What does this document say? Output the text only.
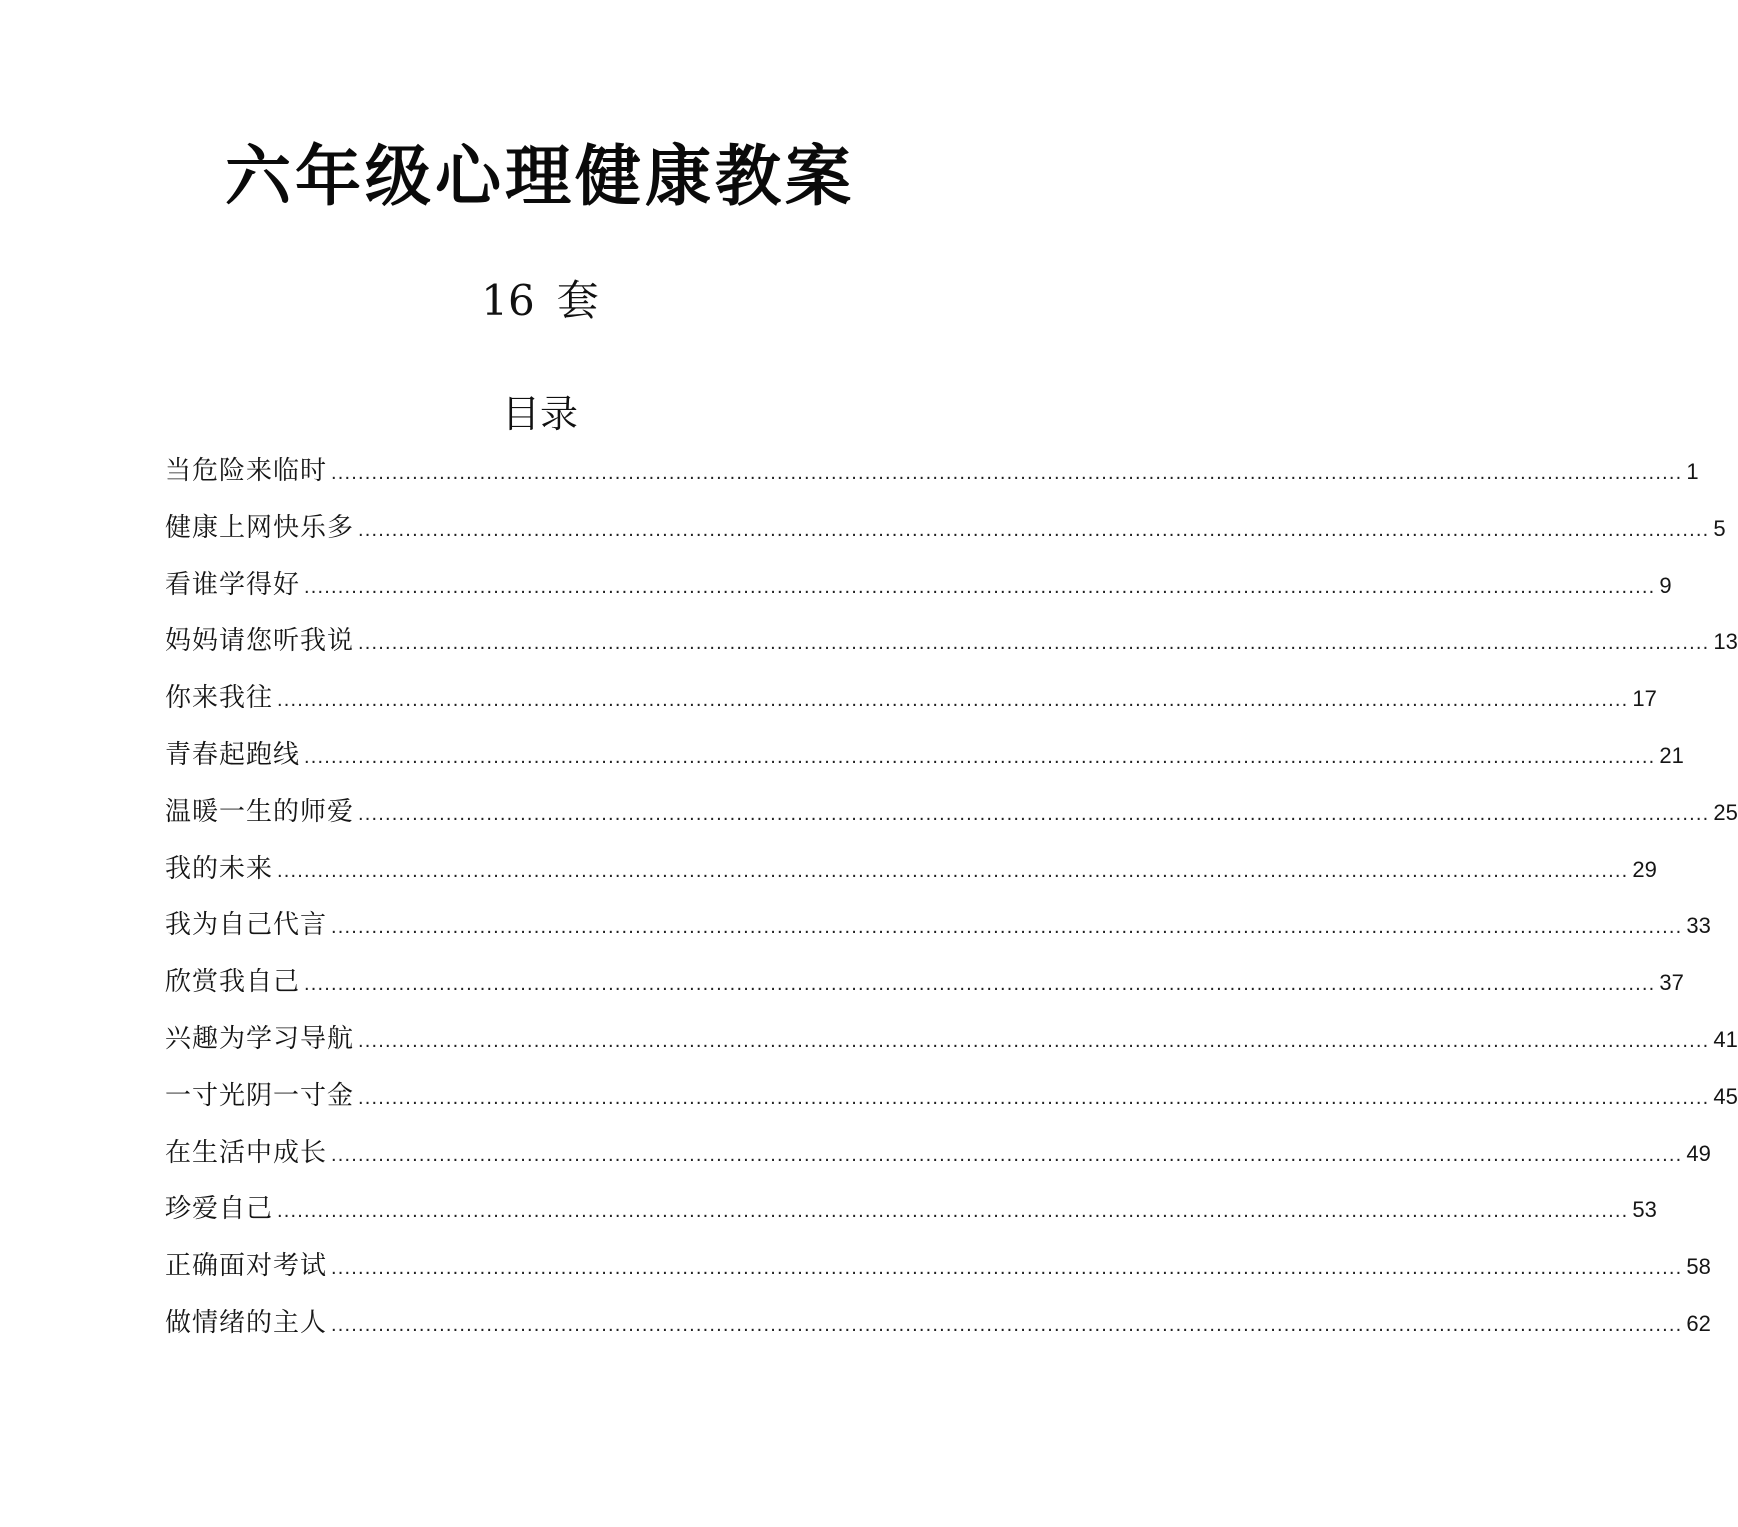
六年级心理健康教案
16 套
目录
当危险来临时 ........................................................................................................................................................................................................ 1
健康上网快乐多 ........................................................................................................................................................................................................ 5
看谁学得好 ........................................................................................................................................................................................................ 9
妈妈请您听我说 ........................................................................................................................................................................................................ 13
你来我往 ........................................................................................................................................................................................................ 17
青春起跑线 ........................................................................................................................................................................................................ 21
温暖一生的师爱 ........................................................................................................................................................................................................ 25
我的未来 ........................................................................................................................................................................................................ 29
我为自己代言 ........................................................................................................................................................................................................ 33
欣赏我自己 ........................................................................................................................................................................................................ 37
兴趣为学习导航 ........................................................................................................................................................................................................ 41
一寸光阴一寸金 ........................................................................................................................................................................................................ 45
在生活中成长 ........................................................................................................................................................................................................ 49
珍爱自己 ........................................................................................................................................................................................................ 53
正确面对考试 ........................................................................................................................................................................................................ 58
做情绪的主人 ........................................................................................................................................................................................................ 62
